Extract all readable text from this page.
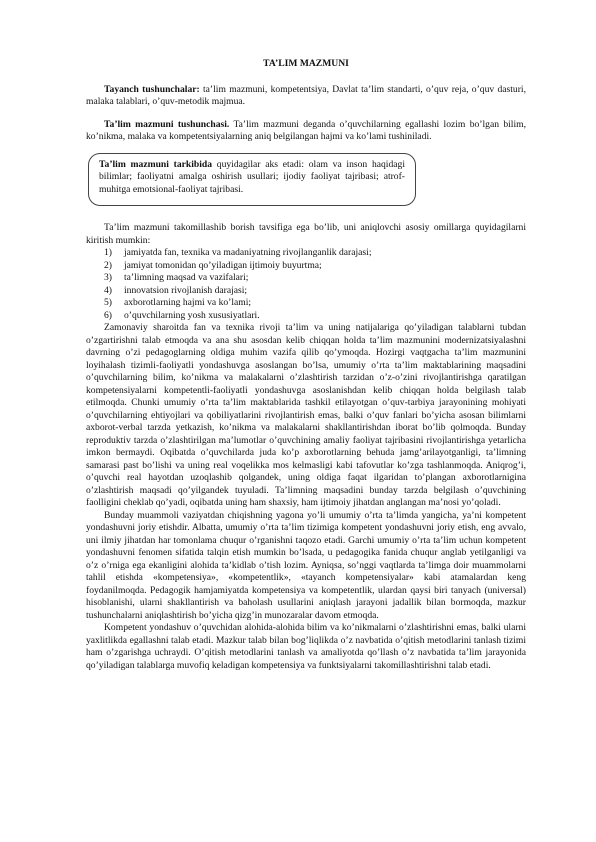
TA’LIM MAZMUNI

Tayanch tushunchalar: ta’lim mazmuni, kompetentsiya, Davlat ta’lim standarti, o’quv reja, o’quv dasturi, malaka talablari, o’quv-metodik majmua.

Ta’lim mazmuni tushunchasi. Ta’lim mazmuni deganda o’quvchilarning egallashi lozim bo’lgan bilim, ko’nikma, malaka va kompetentsiyalarning aniq belgilangan hajmi va ko’lami tushiniladi.

Ta’lim mazmuni tarkibida quyidagilar aks etadi: olam va inson haqidagi bilimlar; faoliyatni amalga oshirish usullari; ijodiy faoliyat tajribasi; atrof-muhitga emotsional-faoliyat tajribasi.

Ta’lim mazmuni takomillashib borish tavsifiga ega bo’lib, uni aniqlovchi asosiy omillarga quyidagilarni kiritish mumkin:

1)	jamiyatda fan, texnika va madaniyatning rivojlanganlik darajasi;
2)	jamiyat tomonidan qo’yiladigan ijtimoiy buyurtma;
3)	ta’limning maqsad va vazifalari;
4)	innovatsion rivojlanish darajasi;
5)	axborotlarning hajmi va ko’lami;
6)	o’quvchilarning yosh xususiyatlari.

Zamonaviy sharoitda fan va texnika rivoji ta’lim va uning natijalariga qo’yiladigan talablarni tubdan o’zgartirishni talab etmoqda va ana shu asosdan kelib chiqqan holda ta’lim mazmunini modernizatsiyalashni davrning o’zi pedagoglarning oldiga muhim vazifa qilib qo’ymoqda. Hozirgi vaqtgacha ta’lim mazmunini loyihalash tizimli-faoliyatli yondashuvga asoslangan bo’lsa, umumiy o’rta ta’lim maktablarining maqsadini o’quvchilarning bilim, ko’nikma va malakalarni o’zlashtirish tarzidan o’z-o’zini rivojlantirishga qaratilgan kompetensiyalarni kompetentli-faoliyatli yondashuvga asoslanishdan kelib chiqqan holda belgilash talab etilmoqda. Chunki umumiy o’rta ta’lim maktablarida tashkil etilayotgan o’quv-tarbiya jarayonining mohiyati o’quvchilarning ehtiyojlari va qobiliyatlarini rivojlantirish emas, balki o’quv fanlari bo’yicha asosan bilimlarni axborot-verbal tarzda yetkazish, ko’nikma va malakalarni shakllantirishdan iborat bo’lib qolmoqda. Bunday reproduktiv tarzda o’zlashtirilgan ma’lumotlar o’quvchining amaliy faoliyat tajribasini rivojlantirishga yetarlicha imkon bermaydi. Oqibatda o’quvchilarda juda ko’p axborotlarning behuda jamg’arilayotganligi, ta’limning samarasi past bo’lishi va uning real voqelikka mos kelmasligi kabi tafovutlar ko’zga tashlanmoqda. Aniqrog’i, o’quvchi real hayotdan uzoqlashib qolgandek, uning oldiga faqat ilgaridan to’plangan axborotlarnigina o’zlashtirish maqsadi qo’yilgandek tuyuladi. Ta’limning maqsadini bunday tarzda belgilash o’quvchining faolligini cheklab qo’yadi, oqibatda uning ham shaxsiy, ham ijtimoiy jihatdan anglangan ma’nosi yo’qoladi.

Bunday muammoli vaziyatdan chiqishning yagona yo’li umumiy o’rta ta’limda yangicha, ya’ni kompetent yondashuvni joriy etishdir. Albatta, umumiy o’rta ta’lim tizimiga kompetent yondashuvni joriy etish, eng avvalo, uni ilmiy jihatdan har tomonlama chuqur o’rganishni taqozo etadi. Garchi umumiy o’rta ta’lim uchun kompetent yondashuvni fenomen sifatida talqin etish mumkin bo’lsada, u pedagogika fanida chuqur anglab yetilganligi va o’z o’rniga ega ekanligini alohida ta’kidlab o’tish lozim. Ayniqsa, so’nggi vaqtlarda ta’limga doir muammolarni tahlil etishda «kompetensiya», «kompetentlik», «tayanch kompetensiyalar» kabi atamalardan keng foydanilmoqda. Pedagogik hamjamiyatda kompetensiya va kompetentlik, ulardan qaysi biri tanyach (universal) hisoblanishi, ularni shakllantirish va baholash usullarini aniqlash jarayoni jadallik bilan bormoqda, mazkur tushunchalarni aniqlashtirish bo’yicha qizg’in munozaralar davom etmoqda.

Kompetent yondashuv o’quvchidan alohida-alohida bilim va ko’nikmalarni o’zlashtirishni emas, balki ularni yaxlitlikda egallashni talab etadi. Mazkur talab bilan bog’liqlikda o’z navbatida o’qitish metodlarini tanlash tizimi ham o’zgarishga uchraydi. O’qitish metodlarini tanlash va amaliyotda qo’llash o’z navbatida ta’lim jarayonida qo’yiladigan talablarga muvofiq keladigan kompetensiya va funktsiyalarni takomillashtirishni talab etadi.
